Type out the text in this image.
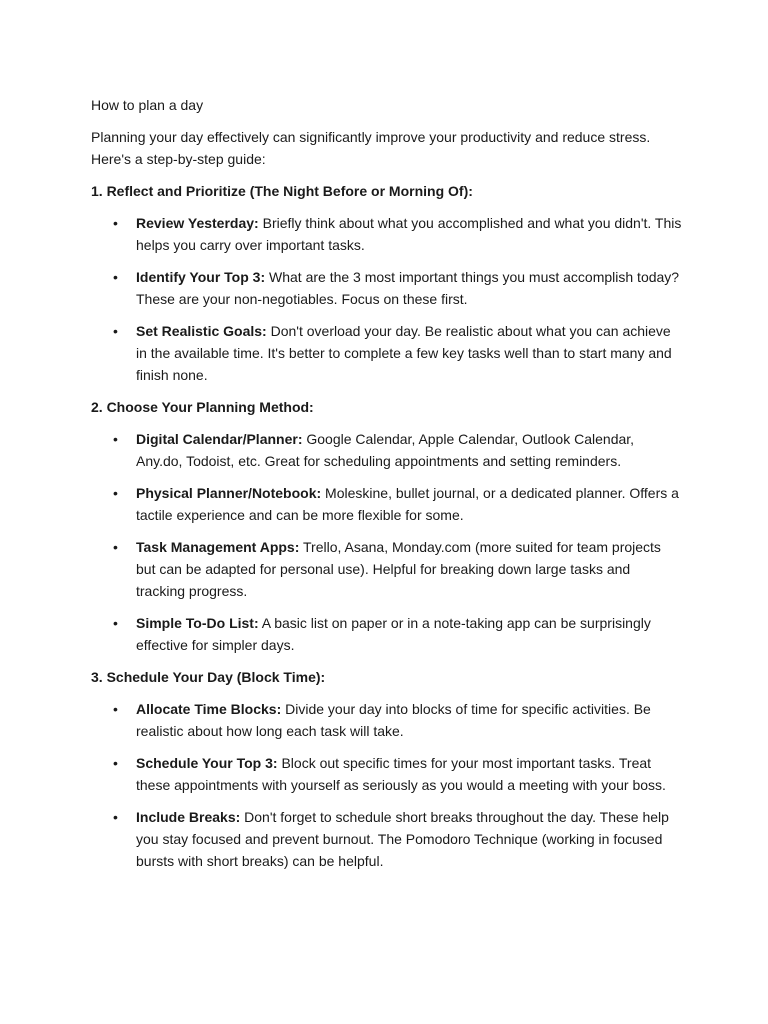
How to plan a day

Planning your day effectively can significantly improve your productivity and reduce stress. Here's a step-by-step guide:

1. Reflect and Prioritize (The Night Before or Morning Of):

• Review Yesterday: Briefly think about what you accomplished and what you didn't. This helps you carry over important tasks.
• Identify Your Top 3: What are the 3 most important things you must accomplish today? These are your non-negotiables. Focus on these first.
• Set Realistic Goals: Don't overload your day. Be realistic about what you can achieve in the available time. It's better to complete a few key tasks well than to start many and finish none.

2. Choose Your Planning Method:

• Digital Calendar/Planner: Google Calendar, Apple Calendar, Outlook Calendar, Any.do, Todoist, etc. Great for scheduling appointments and setting reminders.
• Physical Planner/Notebook: Moleskine, bullet journal, or a dedicated planner. Offers a tactile experience and can be more flexible for some.
• Task Management Apps: Trello, Asana, Monday.com (more suited for team projects but can be adapted for personal use). Helpful for breaking down large tasks and tracking progress.
• Simple To-Do List: A basic list on paper or in a note-taking app can be surprisingly effective for simpler days.

3. Schedule Your Day (Block Time):

• Allocate Time Blocks: Divide your day into blocks of time for specific activities. Be realistic about how long each task will take.
• Schedule Your Top 3: Block out specific times for your most important tasks. Treat these appointments with yourself as seriously as you would a meeting with your boss.
• Include Breaks: Don't forget to schedule short breaks throughout the day. These help you stay focused and prevent burnout. The Pomodoro Technique (working in focused bursts with short breaks) can be helpful.
